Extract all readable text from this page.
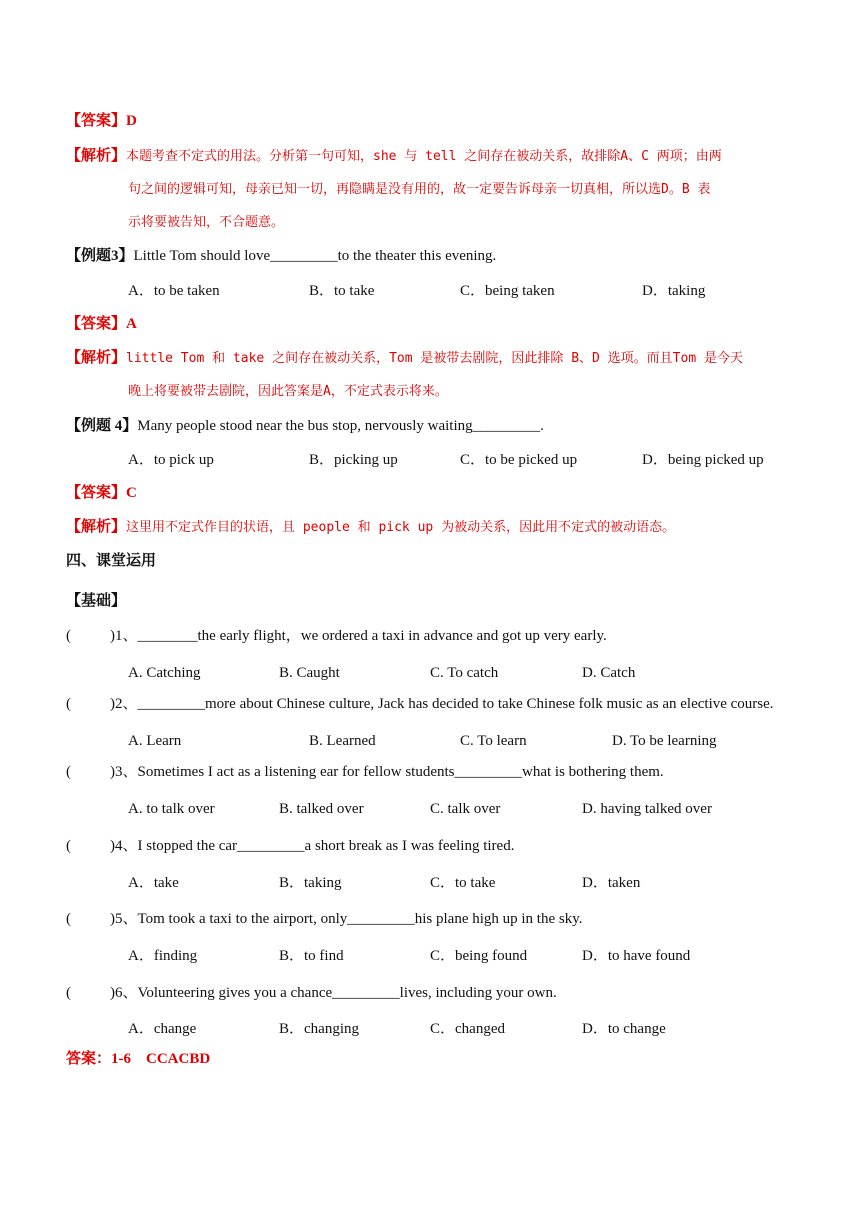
【答案】D
【解析】本题考查不定式的用法。分析第一句可知，she 与 tell 之间存在被动关系，故排除A、C 两项；由两
句之间的逻辑可知，母亲已知一切，再隐瞒是没有用的，故一定要告诉母亲一切真相，所以选D。B 表
示将要被告知，不合题意。
【例题3】Little Tom should love_________to the theater this evening.
A．to be taken	B．to take	C．being taken	D．taking
【答案】A
【解析】little Tom 和 take 之间存在被动关系，Tom 是被带去剧院，因此排除 B、D 选项。而且Tom 是今天
晚上将要被带去剧院，因此答案是A，不定式表示将来。
【例题 4】Many people stood near the bus stop, nervously waiting_________.
A．to pick up	B．picking up	C．to be picked up	D．being picked up
【答案】C
【解析】这里用不定式作目的状语，且 people 和 pick up 为被动关系，因此用不定式的被动语态。
四、课堂运用
【基础】
(	)1、________the early flight，we ordered a taxi in advance and got up very early.
A. Catching	B. Caught	C. To catch	D. Catch
(	)2、_________more about Chinese culture, Jack has decided to take Chinese folk music as an elective course.
A. Learn	B. Learned	C. To learn	D. To be learning
(	)3、Sometimes I act as a listening ear for fellow students_________what is bothering them.
A. to talk over	B. talked over	C. talk over	D. having talked over
(	)4、I stopped the car_________a short break as I was feeling tired.
A．take	B．taking	C．to take	D．taken
(	)5、Tom took a taxi to the airport, only_________his plane high up in the sky.
A．finding	B．to find	C．being found	D．to have found
(	)6、Volunteering gives you a chance_________lives, including your own.
A．change	B．changing	C．changed	D．to change
答案：1-6　CCACBD
